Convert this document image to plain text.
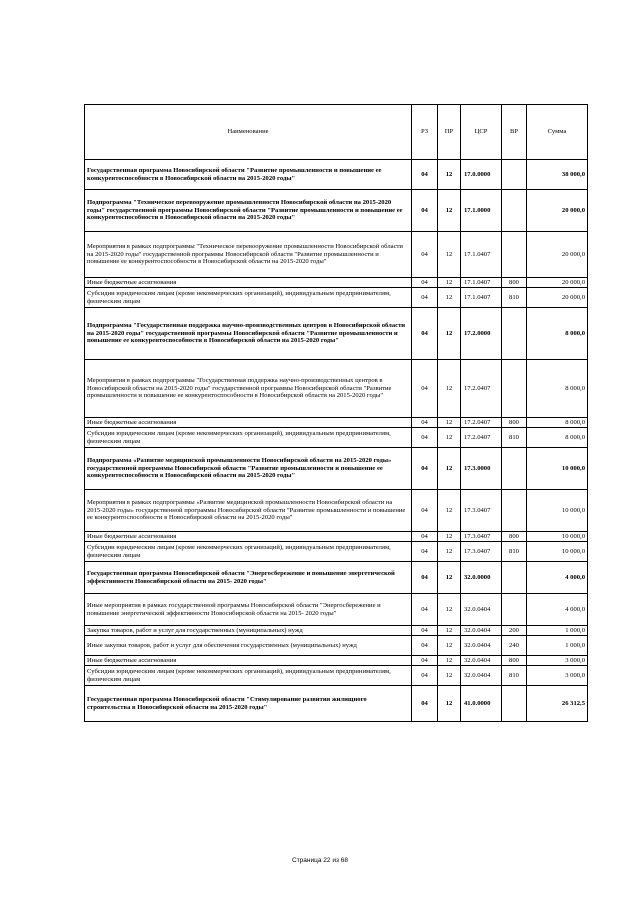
Наименование	РЗ	ПР	ЦСР	ВР	Сумма
Государственная программа Новосибирской области "Развитие промышленности и повышение ее конкурентоспособности в Новосибирской области на 2015-2020 годы"	04	12	17.0.0000		38 000,0
Подпрограмма "Техническое перевооружение промышленности Новосибирской области на 2015-2020 годы" государственной программы Новосибирской области "Развитие промышленности и повышение ее конкурентоспособности в Новосибирской области на 2015-2020 годы"	04	12	17.1.0000		20 000,0
Мероприятия в рамках подпрограммы "Техническое перевооружение промышленности Новосибирской области на 2015-2020 годы" государственной программы Новосибирской области "Развитие промышленности и повышение ее конкурентоспособности в Новосибирской области на 2015-2020 годы"	04	12	17.1.0407		20 000,0
Иные бюджетные ассигнования	04	12	17.1.0407	800	20 000,0
Субсидии юридическим лицам (кроме некоммерческих организаций), индивидуальным предпринимателям, физическим лицам	04	12	17.1.0407	810	20 000,0
Подпрограмма "Государственная поддержка научно-производственных центров в Новосибирской области на 2015-2020 годы" государственной программы Новосибирской области "Развитие промышленности и повышение ее конкурентоспособности в Новосибирской области на 2015-2020 годы"	04	12	17.2.0000		8 000,0
Мероприятия в рамках подпрограммы "Государственная поддержка научно-производственных центров в Новосибирской области на 2015-2020 годы" государственной программы Новосибирской области "Развитие промышленности и повышение ее конкурентоспособности в Новосибирской области на 2015-2020 годы"	04	12	17.2.0407		8 000,0
Иные бюджетные ассигнования	04	12	17.2.0407	800	8 000,0
Субсидии юридическим лицам (кроме некоммерческих организаций), индивидуальным предпринимателям, физическим лицам	04	12	17.2.0407	810	8 000,0
Подпрограмма «Развитие медицинской промышленности Новосибирской области на 2015-2020 годы» государственной программы Новосибирской области "Развитие промышленности и повышение ее конкурентоспособности в Новосибирской области на 2015-2020 годы"	04	12	17.3.0000		10 000,0
Мероприятия в рамках подпрограммы «Развитие медицинской промышленности Новосибирской области на 2015-2020 годы» государственной программы Новосибирской области "Развитие промышленности и повышение ее конкурентоспособности в Новосибирской области на 2015-2020 годы"	04	12	17.3.0407		10 000,0
Иные бюджетные ассигнования	04	12	17.3.0407	800	10 000,0
Субсидии юридическим лицам (кроме некоммерческих организаций), индивидуальным предпринимателям, физическим лицам	04	12	17.3.0407	810	10 000,0
Государственная программа Новосибирской области "Энергосбережение и повышение энергетической эффективности Новосибирской области на 2015- 2020 годы"	04	12	32.0.0000		4 000,0
Иные мероприятия в рамках государственной программы Новосибирской области "Энергосбережение и повышение энергетической эффективности Новосибирской области на 2015- 2020 годы"	04	12	32.0.0404		4 000,0
Закупка товаров, работ и услуг для государственных (муниципальных) нужд	04	12	32.0.0404	200	1 000,0
Иные закупки товаров, работ и услуг для обеспечения государственных (муниципальных) нужд	04	12	32.0.0404	240	1 000,0
Иные бюджетные ассигнования	04	12	32.0.0404	800	3 000,0
Субсидии юридическим лицам (кроме некоммерческих организаций), индивидуальным предпринимателям, физическим лицам	04	12	32.0.0404	810	3 000,0
Государственная программа Новосибирской области "Стимулирование развития жилищного строительства в Новосибирской области на 2015-2020 годы"	04	12	41.0.0000		26 312,5
Страница 22 из 68
